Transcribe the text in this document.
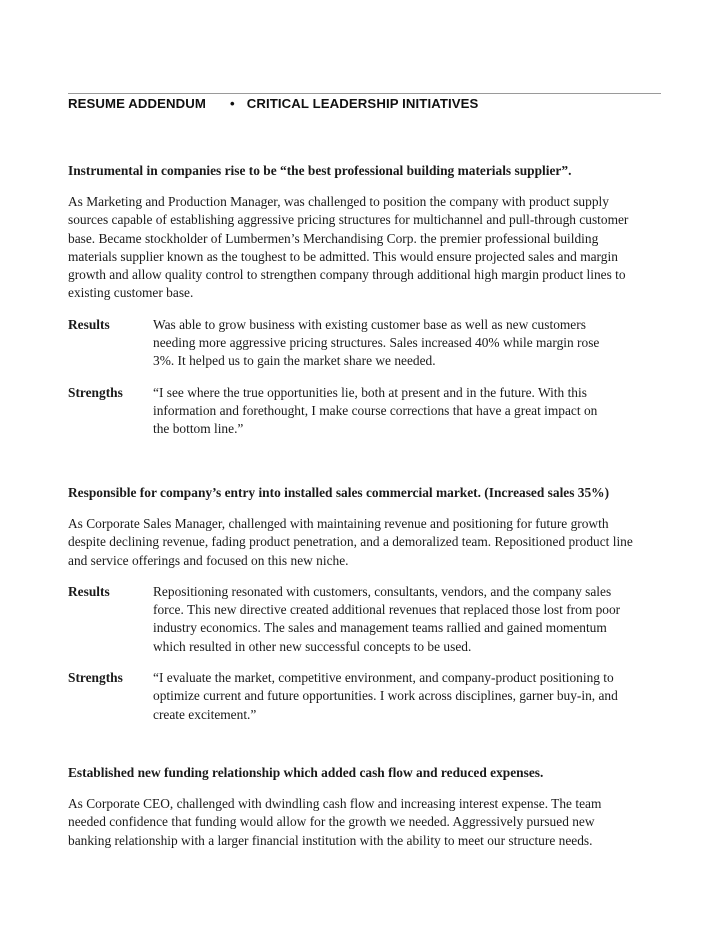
RESUME ADDENDUM • CRITICAL LEADERSHIP INITIATIVES

Instrumental in companies rise to be “the best professional building materials supplier”.

As Marketing and Production Manager, was challenged to position the company with product supply
sources capable of establishing aggressive pricing structures for multichannel and pull-through customer
base. Became stockholder of Lumbermen’s Merchandising Corp. the premier professional building
materials supplier known as the toughest to be admitted. This would ensure projected sales and margin
growth and allow quality control to strengthen company through additional high margin product lines to
existing customer base.

Results	Was able to grow business with existing customer base as well as new customers
needing more aggressive pricing structures. Sales increased 40% while margin rose
3%. It helped us to gain the market share we needed.
Strengths “I see where the true opportunities lie, both at present and in the future. With this
information and forethought, I make course corrections that have a great impact on
the bottom line.”

Responsible for company’s entry into installed sales commercial market. (Increased sales 35%)

As Corporate Sales Manager, challenged with maintaining revenue and positioning for future growth
despite declining revenue, fading product penetration, and a demoralized team. Repositioned product line
and service offerings and focused on this new niche.

Results	Repositioning resonated with customers, consultants, vendors, and the company sales
force. This new directive created additional revenues that replaced those lost from poor
industry economics. The sales and management teams rallied and gained momentum
which resulted in other new successful concepts to be used.
Strengths “I evaluate the market, competitive environment, and company-product positioning to
optimize current and future opportunities. I work across disciplines, garner buy-in, and
create excitement.”

Established new funding relationship which added cash flow and reduced expenses.

As Corporate CEO, challenged with dwindling cash flow and increasing interest expense. The team
needed confidence that funding would allow for the growth we needed. Aggressively pursued new
banking relationship with a larger financial institution with the ability to meet our structure needs.
